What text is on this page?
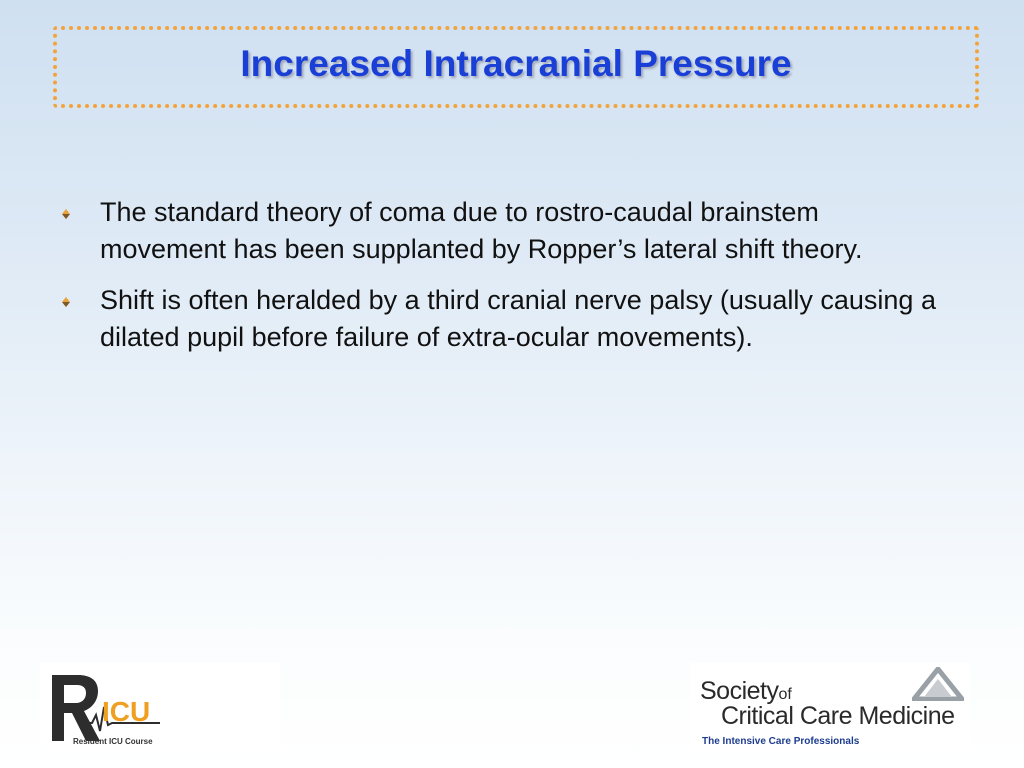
Increased Intracranial Pressure
The standard theory of coma due to rostro-caudal brainstem movement has been supplanted by Ropper’s lateral shift theory.
Shift is often heralded by a third cranial nerve palsy (usually causing a dilated pupil before failure of extra-ocular movements).
ICU
Resident ICU Course
Societyof
Critical Care Medicine
The Intensive Care Professionals
